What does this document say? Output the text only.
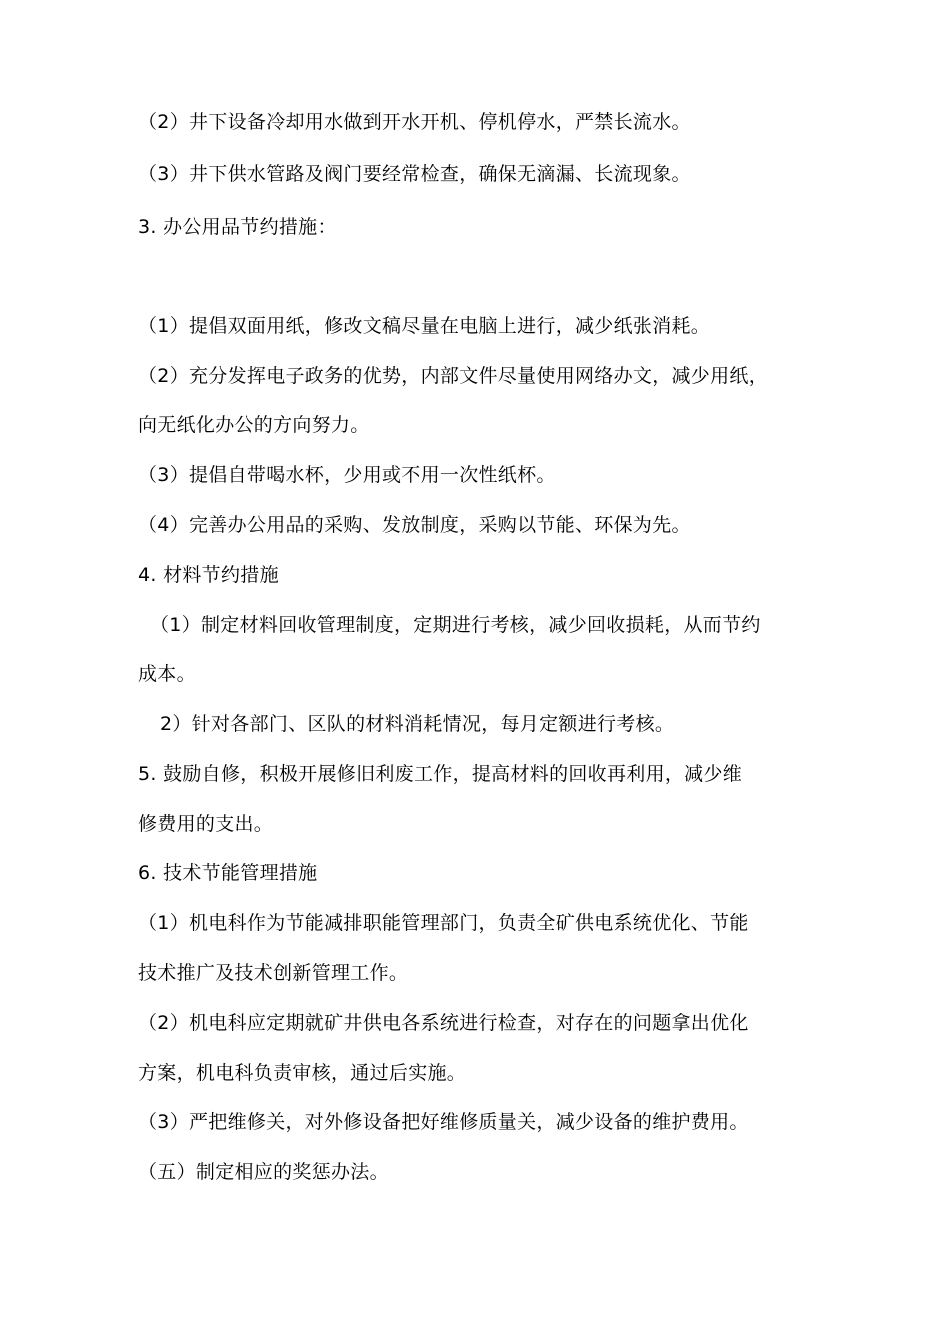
（2）井下设备冷却用水做到开水开机、停机停水，严禁长流水。
（3）井下供水管路及阀门要经常检查，确保无滴漏、长流现象。
3. 办公用品节约措施：
（1）提倡双面用纸，修改文稿尽量在电脑上进行，减少纸张消耗。
（2）充分发挥电子政务的优势，内部文件尽量使用网络办文，减少用纸，
向无纸化办公的方向努力。
（3）提倡自带喝水杯，少用或不用一次性纸杯。
（4）完善办公用品的采购、发放制度，采购以节能、环保为先。
4. 材料节约措施
（1）制定材料回收管理制度，定期进行考核，减少回收损耗，从而节约
成本。
2）针对各部门、区队的材料消耗情况，每月定额进行考核。
5. 鼓励自修，积极开展修旧利废工作，提高材料的回收再利用，减少维
修费用的支出。
6. 技术节能管理措施
（1）机电科作为节能减排职能管理部门，负责全矿供电系统优化、节能
技术推广及技术创新管理工作。
（2）机电科应定期就矿井供电各系统进行检查，对存在的问题拿出优化
方案，机电科负责审核，通过后实施。
（3）严把维修关，对外修设备把好维修质量关，减少设备的维护费用。
（五）制定相应的奖惩办法。
